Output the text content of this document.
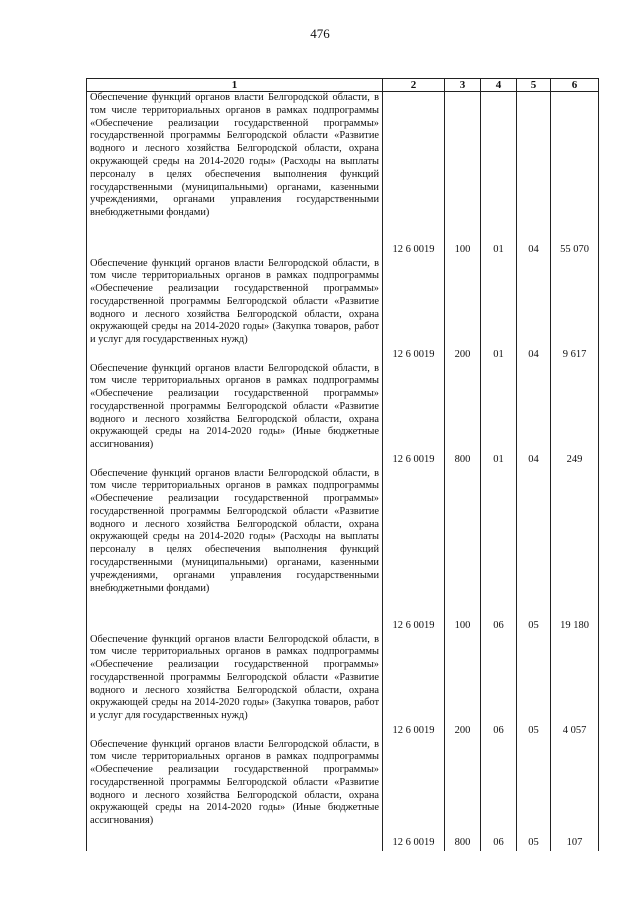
476
1	2	3	4	5	6
Обеспечение функций органов власти Белгородской области, в том числе территориальных органов в рамках подпрограммы «Обеспечение реализации государственной программы» государственной программы Белгородской области «Развитие водного и лесного хозяйства Белгородской области, охрана окружающей среды на 2014-2020 годы» (Расходы на выплаты персоналу в целях обеспечения выполнения функций государственными (муниципальными) органами, казенными учреждениями, органами управления государственными внебюджетными фондами)	12 6 0019	100	01	04	55 070
Обеспечение функций органов власти Белгородской области, в том числе территориальных органов в рамках подпрограммы «Обеспечение реализации государственной программы» государственной программы Белгородской области «Развитие водного и лесного хозяйства Белгородской области, охрана окружающей среды на 2014-2020 годы» (Закупка товаров, работ и услуг для государственных нужд)	12 6 0019	200	01	04	9 617
Обеспечение функций органов власти Белгородской области, в том числе территориальных органов в рамках подпрограммы «Обеспечение реализации государственной программы» государственной программы Белгородской области «Развитие водного и лесного хозяйства Белгородской области, охрана окружающей среды на 2014-2020 годы» (Иные бюджетные ассигнования)	12 6 0019	800	01	04	249
Обеспечение функций органов власти Белгородской области, в том числе территориальных органов в рамках подпрограммы «Обеспечение реализации государственной программы» государственной программы Белгородской области «Развитие водного и лесного хозяйства Белгородской области, охрана окружающей среды на 2014-2020 годы» (Расходы на выплаты персоналу в целях обеспечения выполнения функций государственными (муниципальными) органами, казенными учреждениями, органами управления государственными внебюджетными фондами)	12 6 0019	100	06	05	19 180
Обеспечение функций органов власти Белгородской области, в том числе территориальных органов в рамках подпрограммы «Обеспечение реализации государственной программы» государственной программы Белгородской области «Развитие водного и лесного хозяйства Белгородской области, охрана окружающей среды на 2014-2020 годы» (Закупка товаров, работ и услуг для государственных нужд)	12 6 0019	200	06	05	4 057
Обеспечение функций органов власти Белгородской области, в том числе территориальных органов в рамках подпрограммы «Обеспечение реализации государственной программы» государственной программы Белгородской области «Развитие водного и лесного хозяйства Белгородской области, охрана окружающей среды на 2014-2020 годы» (Иные бюджетные ассигнования)	12 6 0019	800	06	05	107
